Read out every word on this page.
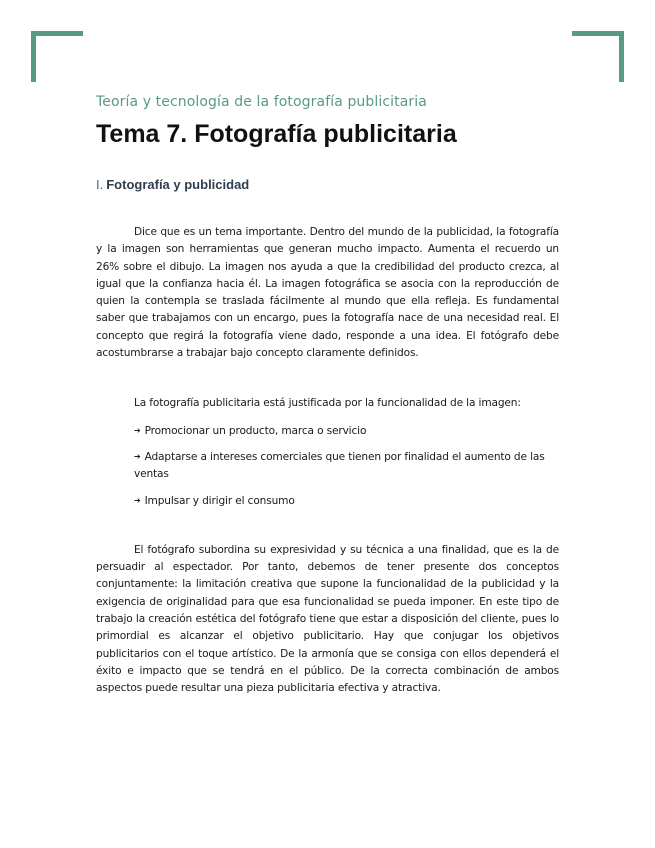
Teoría y tecnología de la fotografía publicitaria

Tema 7. Fotografía publicitaria
I. Fotografía y publicidad

Dice que es un tema importante. Dentro del mundo de la publicidad, la fotografía y la imagen son herramientas que generan mucho impacto. Aumenta el recuerdo un 26% sobre el dibujo. La imagen nos ayuda a que la credibilidad del producto crezca, al igual que la confianza hacia él. La imagen fotográfica se asocia con la reproducción de quien la contempla se traslada fácilmente al mundo que ella refleja. Es fundamental saber que trabajamos con un encargo, pues la fotografía nace de una necesidad real. El concepto que regirá la fotografía viene dado, responde a una idea. El fotógrafo debe acostumbrarse a trabajar bajo concepto claramente definidos.

La fotografía publicitaria está justificada por la funcionalidad de la imagen:

➔ Promocionar un producto, marca o servicio
➔ Adaptarse a intereses comerciales que tienen por finalidad el aumento de las ventas
➔ Impulsar y dirigir el consumo

El fotógrafo subordina su expresividad y su técnica a una finalidad, que es la de persuadir al espectador. Por tanto, debemos de tener presente dos conceptos conjuntamente: la limitación creativa que supone la funcionalidad de la publicidad y la exigencia de originalidad para que esa funcionalidad se pueda imponer. En este tipo de trabajo la creación estética del fotógrafo tiene que estar a disposición del cliente, pues lo primordial es alcanzar el objetivo publicitario. Hay que conjugar los objetivos publicitarios con el toque artístico. De la armonía que se consiga con ellos dependerá el éxito e impacto que se tendrá en el público. De la correcta combinación de ambos aspectos puede resultar una pieza publicitaria efectiva y atractiva.
